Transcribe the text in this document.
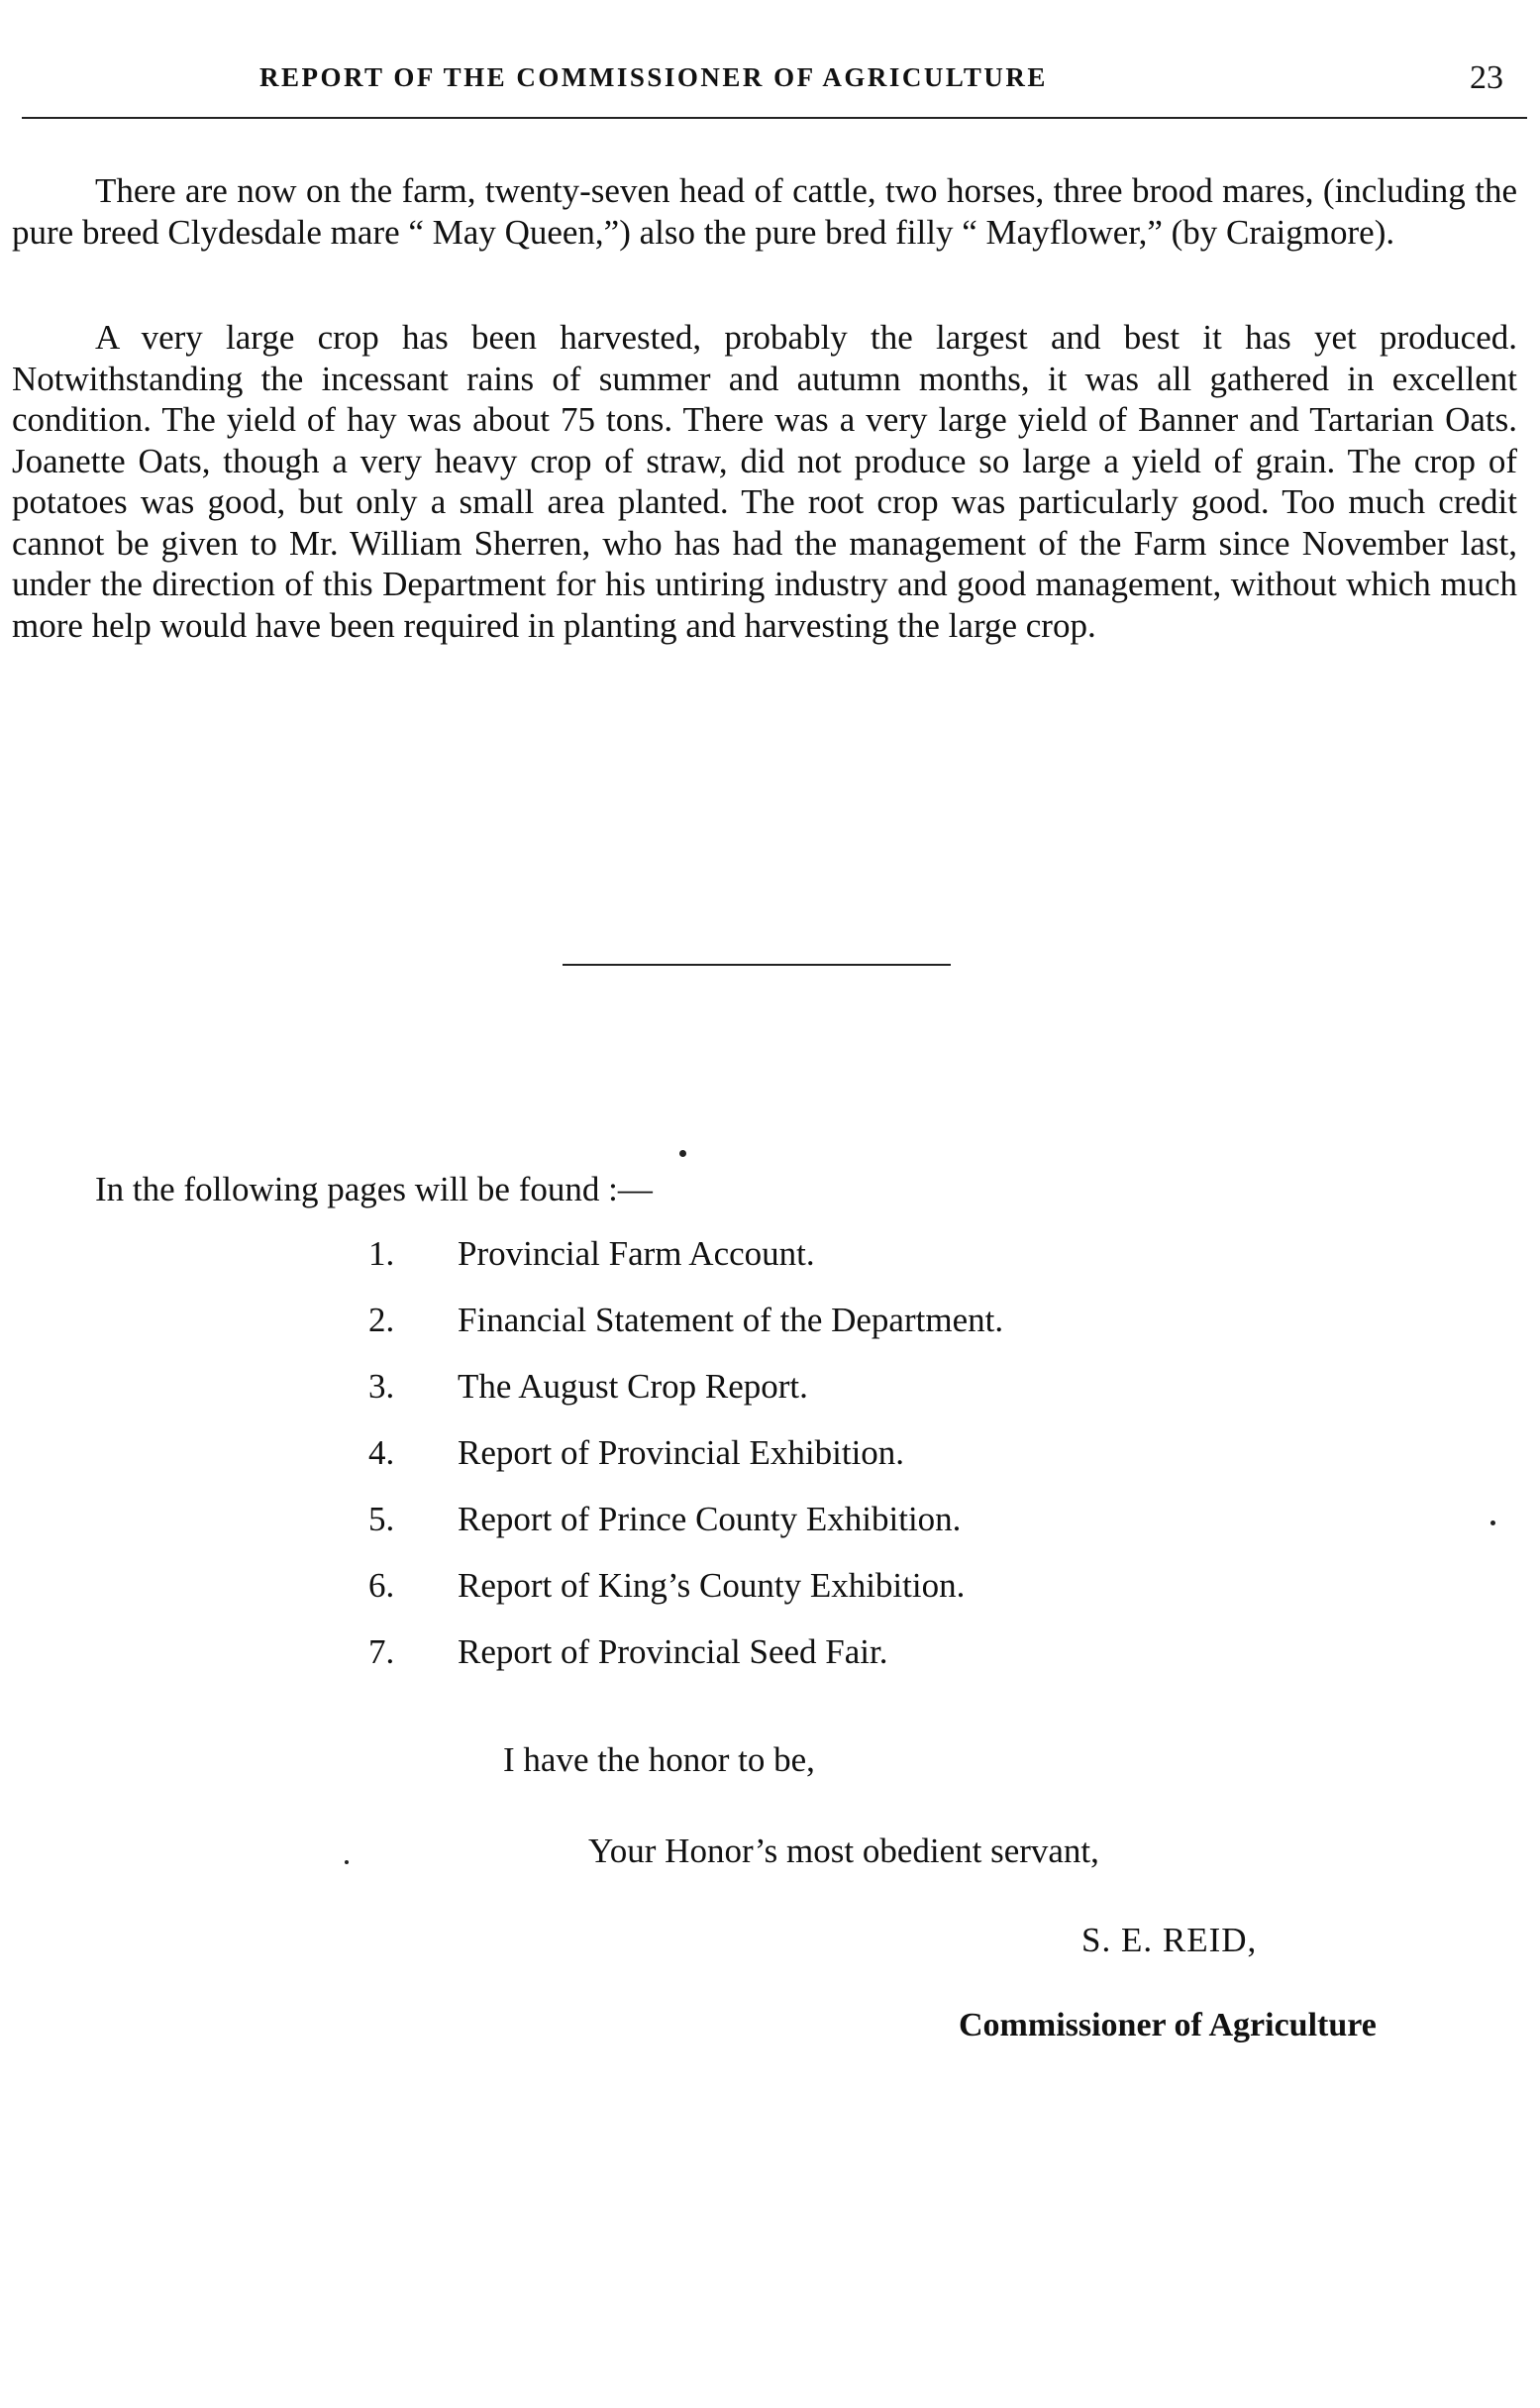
REPORT OF THE COMMISSIONER OF AGRICULTURE	23

There are now on the farm, twenty-seven head of cattle, two horses, three brood mares, (including the pure breed Clydesdale mare “ May Queen,”) also the pure bred filly “ Mayflower,” (by Craigmore).

A very large crop has been harvested, probably the largest and best it has yet produced. Notwithstanding the incessant rains of summer and autumn months, it was all gathered in excellent condition. The yield of hay was about 75 tons. There was a very large yield of Banner and Tartarian Oats. Joanette Oats, though a very heavy crop of straw, did not produce so large a yield of grain. The crop of potatoes was good, but only a small area planted. The root crop was particularly good. Too much credit cannot be given to Mr. William Sherren, who has had the management of the Farm since November last, under the direction of this Department for his untiring industry and good management, without which much more help would have been required in planting and harvesting the large crop.

In the following pages will be found :—

1. Provincial Farm Account.
2. Financial Statement of the Department.
3. The August Crop Report.
4. Report of Provincial Exhibition.
5. Report of Prince County Exhibition.
6. Report of King’s County Exhibition.
7. Report of Provincial Seed Fair.

I have the honor to be,

Your Honor’s most obedient servant,

S. E. REID,

Commissioner of Agriculture
